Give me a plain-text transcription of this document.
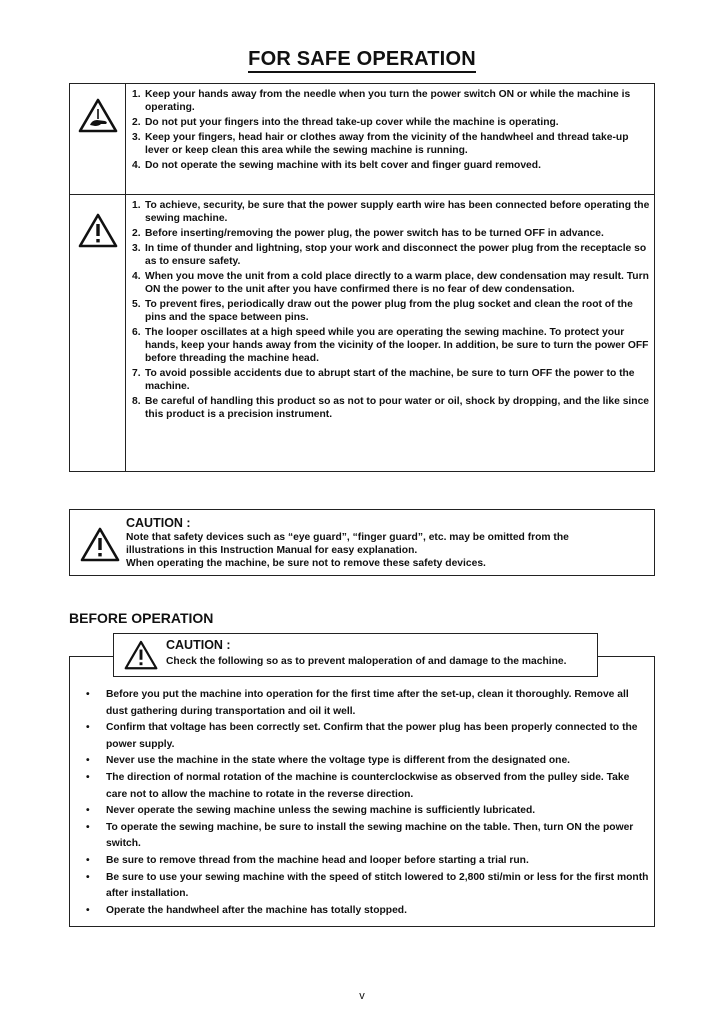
FOR SAFE OPERATION
1. Keep your hands away from the needle when you turn the power switch ON or while the machine is operating.
2. Do not put your fingers into the thread take-up cover while the machine is operating.
3. Keep your fingers, head hair or clothes away from the vicinity of the handwheel and thread take-up lever or keep clean this area while the sewing machine is running.
4. Do not operate the sewing machine with its belt cover and finger guard removed.
1. To achieve, security, be sure that the power supply earth wire has been connected before operating the sewing machine.
2. Before inserting/removing the power plug, the power switch has to be turned OFF in advance.
3. In time of thunder and lightning, stop your work and disconnect the power plug from the receptacle so as to ensure safety.
4. When you move the unit from a cold place directly to a warm place, dew condensation may result. Turn ON the power to the unit after you have confirmed there is no fear of dew condensation.
5. To prevent fires, periodically draw out the power plug from the plug socket and clean the root of the pins and the space between pins.
6. The looper oscillates at a high speed while you are operating the sewing machine. To protect your hands, keep your hands away from the vicinity of the looper. In addition, be sure to turn the power OFF before threading the machine head.
7. To avoid possible accidents due to abrupt start of the machine, be sure to turn OFF the power to the machine.
8. Be careful of handling this product so as not to pour water or oil, shock by dropping, and the like since this product is a precision instrument.
CAUTION :
Note that safety devices such as “eye guard”, “finger guard”, etc. may be omitted from the
illustrations in this Instruction Manual for easy explanation.
When operating the machine, be sure not to remove these safety devices.
BEFORE OPERATION
CAUTION :
Check the following so as to prevent maloperation of and damage to the machine.
• Before you put the machine into operation for the first time after the set-up, clean it thoroughly. Remove all dust gathering during transportation and oil it well.
• Confirm that voltage has been correctly set. Confirm that the power plug has been properly connected to the power supply.
• Never use the machine in the state where the voltage type is different from the designated one.
• The direction of normal rotation of the machine is counterclockwise as observed from the pulley side. Take care not to allow the machine to rotate in the reverse direction.
• Never operate the sewing machine unless the sewing machine is sufficiently lubricated.
• To operate the sewing machine, be sure to install the sewing machine on the table. Then, turn ON the power switch.
• Be sure to remove thread from the machine head and looper before starting a trial run.
• Be sure to use your sewing machine with the speed of stitch lowered to 2,800 sti/min or less for the first month after installation.
• Operate the handwheel after the machine has totally stopped.
v
